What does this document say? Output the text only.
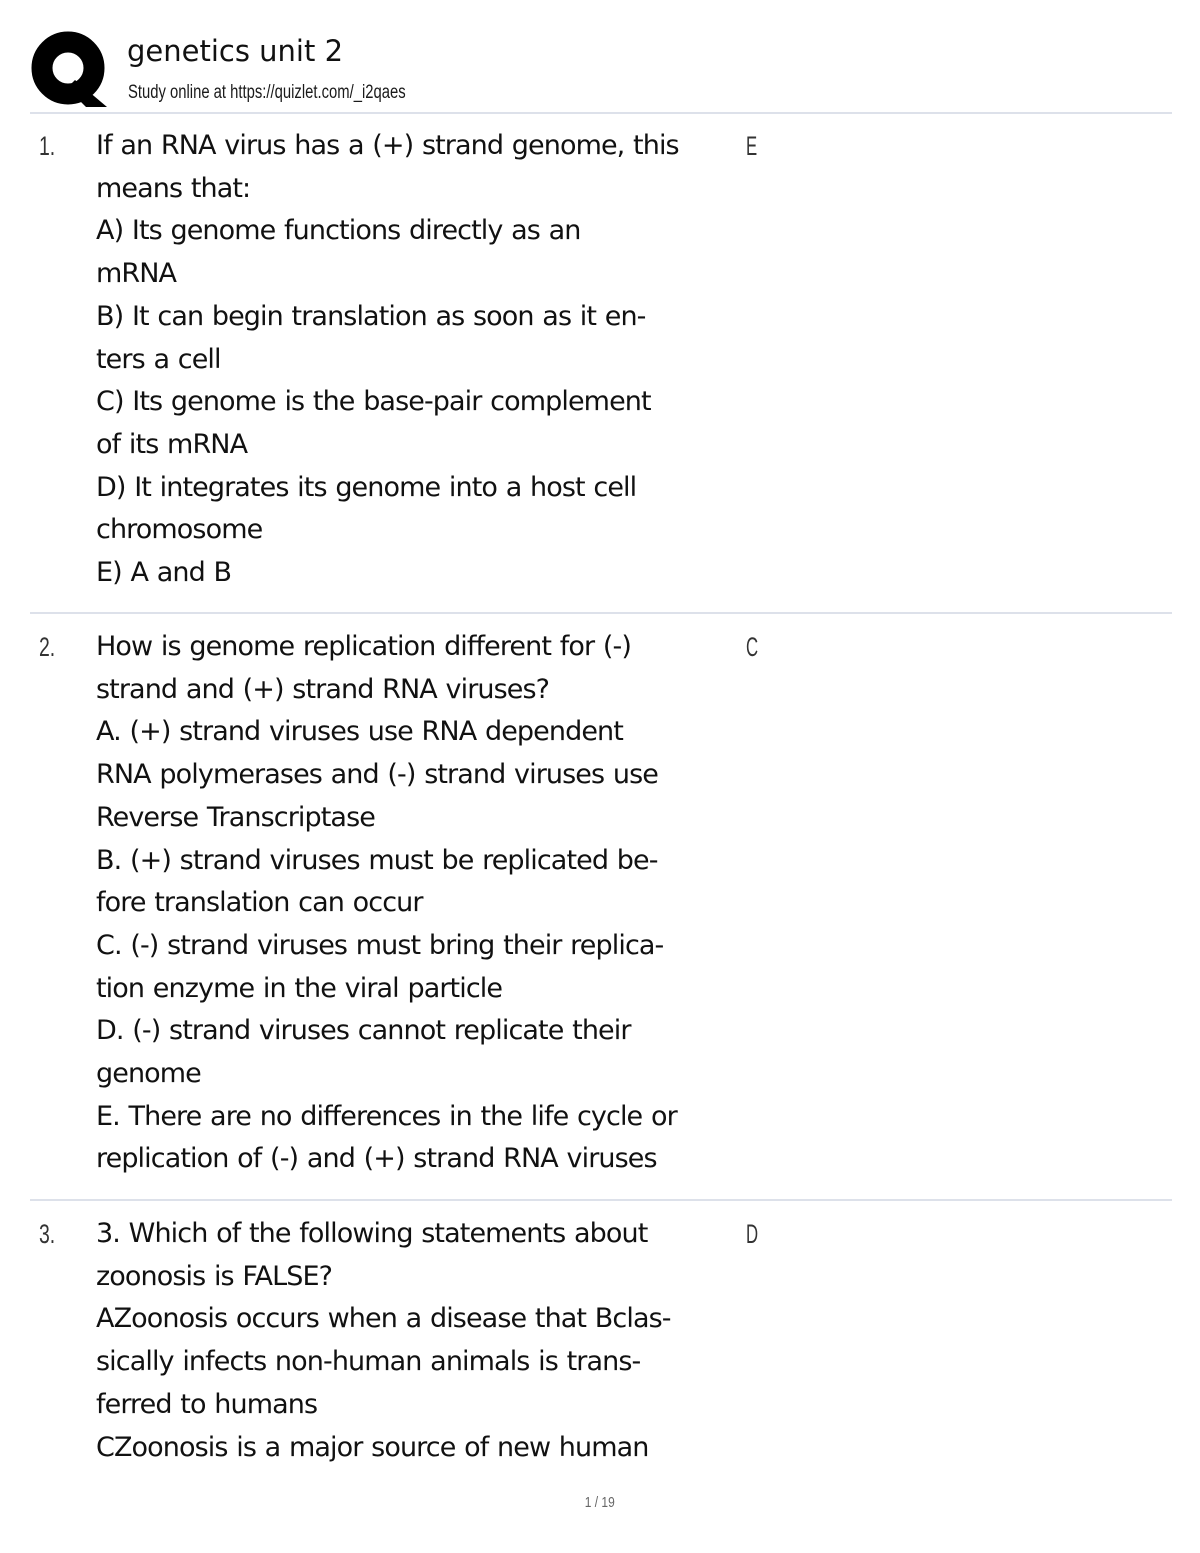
genetics unit 2
Study online at https://quizlet.com/_i2qaes
1. If an RNA virus has a (+) strand genome, this
means that:
A) Its genome functions directly as an
mRNA
B) It can begin translation as soon as it en-
ters a cell
C) Its genome is the base-pair complement
of its mRNA
D) It integrates its genome into a host cell
chromosome
E) A and B
E
2. How is genome replication different for (-)
strand and (+) strand RNA viruses?
A. (+) strand viruses use RNA dependent
RNA polymerases and (-) strand viruses use
Reverse Transcriptase
B. (+) strand viruses must be replicated be-
fore translation can occur
C. (-) strand viruses must bring their replica-
tion enzyme in the viral particle
D. (-) strand viruses cannot replicate their
genome
E. There are no differences in the life cycle or
replication of (-) and (+) strand RNA viruses
C
3. 3. Which of the following statements about
zoonosis is FALSE?
AZoonosis occurs when a disease that Bclas-
sically infects non-human animals is trans-
ferred to humans
CZoonosis is a major source of new human
D
1 / 19
